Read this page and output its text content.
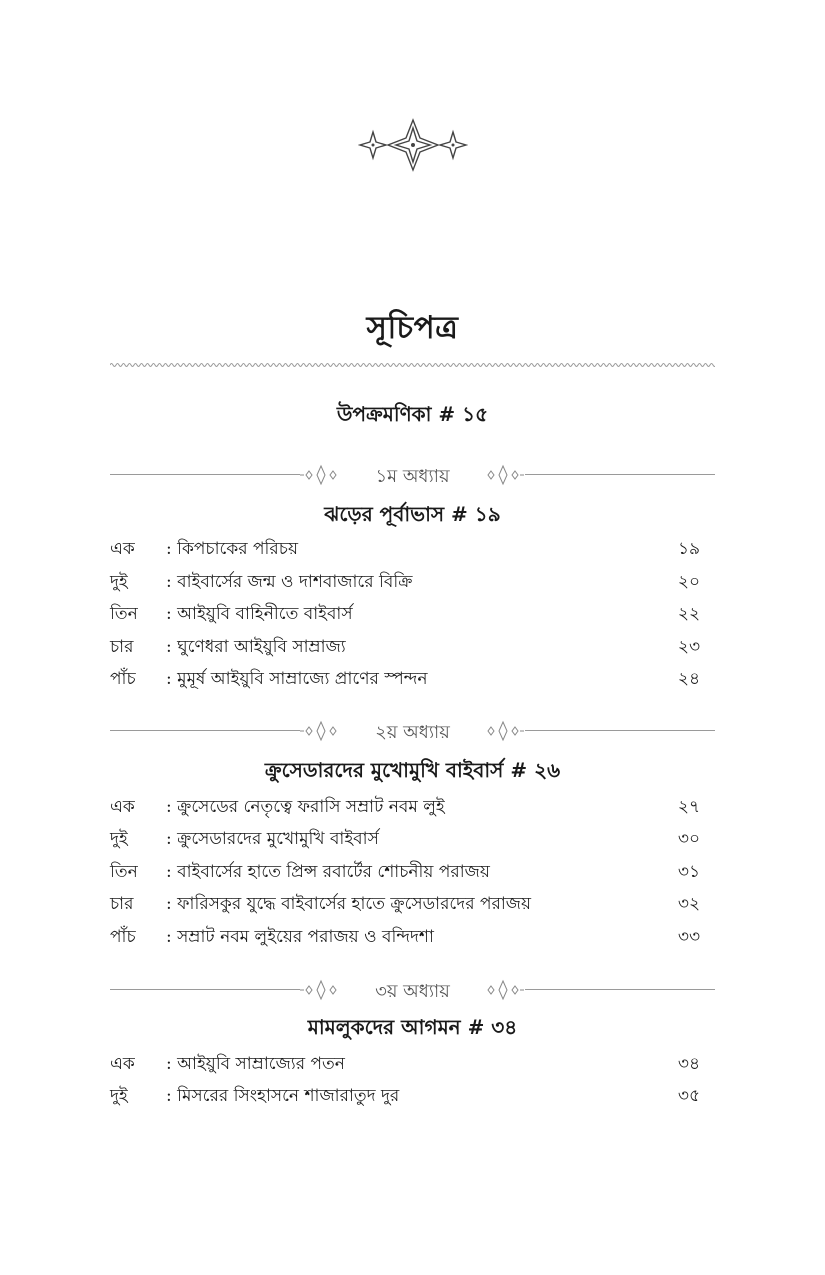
সূচিপত্র
উপক্রমণিকা # ১৫
১ম অধ্যায়
ঝড়ের পূর্বাভাস # ১৯
এক	: কিপচাকের পরিচয়	১৯
দুই	: বাইবার্সের জন্ম ও দাশবাজারে বিক্রি	২০
তিন	: আইয়ুবি বাহিনীতে বাইবার্স	২২
চার	: ঘুণেধরা আইয়ুবি সাম্রাজ্য	২৩
পাঁচ	: মুমূর্ষ আইয়ুবি সাম্রাজ্যে প্রাণের স্পন্দন	২৪
২য় অধ্যায়
ক্রুসেডারদের মুখোমুখি বাইবার্স # ২৬
এক	: ক্রুসেডের নেতৃত্বে ফরাসি সম্রাট নবম লুই	২৭
দুই	: ক্রুসেডারদের মুখোমুখি বাইবার্স	৩০
তিন	: বাইবার্সের হাতে প্রিন্স রবার্টের শোচনীয় পরাজয়	৩১
চার	: ফারিসকুর যুদ্ধে বাইবার্সের হাতে ক্রুসেডারদের পরাজয়	৩২
পাঁচ	: সম্রাট নবম লুইয়ের পরাজয় ও বন্দিদশা	৩৩
৩য় অধ্যায়
মামলুকদের আগমন # ৩৪
এক	: আইয়ুবি সাম্রাজ্যের পতন	৩৪
দুই	: মিসরের সিংহাসনে শাজারাতুদ দুর	৩৫
